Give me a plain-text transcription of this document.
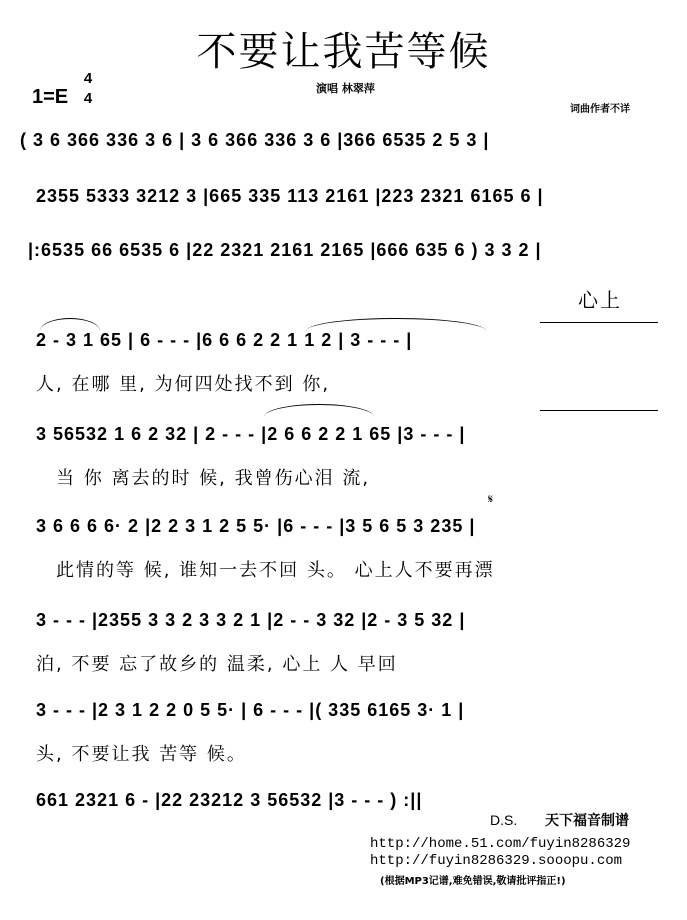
不要让我苦等候
1=E
4
4
演唱 林翠萍
词曲作者不详
( 3 6 366 336 3 6 | 3 6 366 336 3 6 |366 6535 2 5 3 |
2355 5333 3212 3 |665 335 113 2161 |223 2321 6165 6 |
|:6535 66 6535 6 |22 2321 2161 2165 |666 635 6 ) 3 3 2 |
心上
2 - 3 1 65 | 6 - - - |6 6 6 2 2 1 1 2 | 3 - - - |
人, 在哪 里, 为何四处找不到 你,
3 56532 1 6 2 32 | 2 - - - |2 6 6 2 2 1 65 |3 - - - |
当 你 离去的时 候, 我曾伤心泪 流,
𝄋
3 6 6 6 6· 2 |2 2 3 1 2 5 5· |6 - - - |3 5 6 5 3 235 |
此情的等 候, 谁知一去不回 头。 心上人不要再漂
3 - - - |2355 3 3 2 3 3 2 1 |2 - - 3 32 |2 - 3 5 32 |
泊, 不要 忘了故乡的 温柔, 心上 人 早回
3 - - - |2 3 1 2 2 0 5 5· | 6 - - - |( 335 6165 3· 1 |
头, 不要让我 苦等 候。
661 2321 6 - |22 23212 3 56532 |3 - - - ) :||
D.S. 天下福音制谱
http://home.51.com/fuyin8286329
http://fuyin8286329.sooopu.com
(根据MP3记谱,难免错误,敬请批评指正!)
